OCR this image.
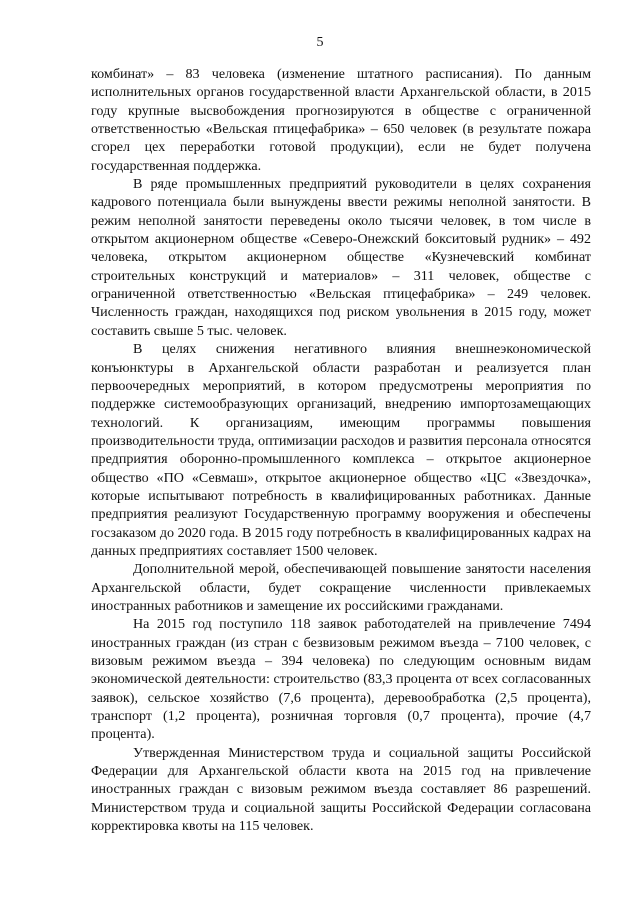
5

комбинат» – 83 человека (изменение штатного расписания). По данным исполнительных органов государственной власти Архангельской области, в 2015 году крупные высвобождения прогнозируются в обществе с ограниченной ответственностью «Вельская птицефабрика» – 650 человек (в результате пожара сгорел цех переработки готовой продукции), если не будет получена государственная поддержка.

В ряде промышленных предприятий руководители в целях сохранения кадрового потенциала были вынуждены ввести режимы неполной занятости. В режим неполной занятости переведены около тысячи человек, в том числе в открытом акционерном обществе «Северо-Онежский бокситовый рудник» – 492 человека, открытом акционерном обществе «Кузнечевский комбинат строительных конструкций и материалов» – 311 человек, обществе с ограниченной ответственностью «Вельская птицефабрика» – 249 человек. Численность граждан, находящихся под риском увольнения в 2015 году, может составить свыше 5 тыс. человек.

В целях снижения негативного влияния внешнеэкономической конъюнктуры в Архангельской области разработан и реализуется план первоочередных мероприятий, в котором предусмотрены мероприятия по поддержке системообразующих организаций, внедрению импортозамещающих технологий. К организациям, имеющим программы повышения производительности труда, оптимизации расходов и развития персонала относятся предприятия оборонно-промышленного комплекса – открытое акционерное общество «ПО «Севмаш», открытое акционерное общество «ЦС «Звездочка», которые испытывают потребность в квалифицированных работниках. Данные предприятия реализуют Государственную программу вооружения и обеспечены госзаказом до 2020 года. В 2015 году потребность в квалифицированных кадрах на данных предприятиях составляет 1500 человек.

Дополнительной мерой, обеспечивающей повышение занятости населения Архангельской области, будет сокращение численности привлекаемых иностранных работников и замещение их российскими гражданами.

На 2015 год поступило 118 заявок работодателей на привлечение 7494 иностранных граждан (из стран с безвизовым режимом въезда – 7100 человек, с визовым режимом въезда – 394 человека) по следующим основным видам экономической деятельности: строительство (83,3 процента от всех согласованных заявок), сельское хозяйство (7,6 процента), деревообработка (2,5 процента), транспорт (1,2 процента), розничная торговля (0,7 процента), прочие (4,7 процента).

Утвержденная Министерством труда и социальной защиты Российской Федерации для Архангельской области квота на 2015 год на привлечение иностранных граждан с визовым режимом въезда составляет 86 разрешений. Министерством труда и социальной защиты Российской Федерации согласована корректировка квоты на 115 человек.
